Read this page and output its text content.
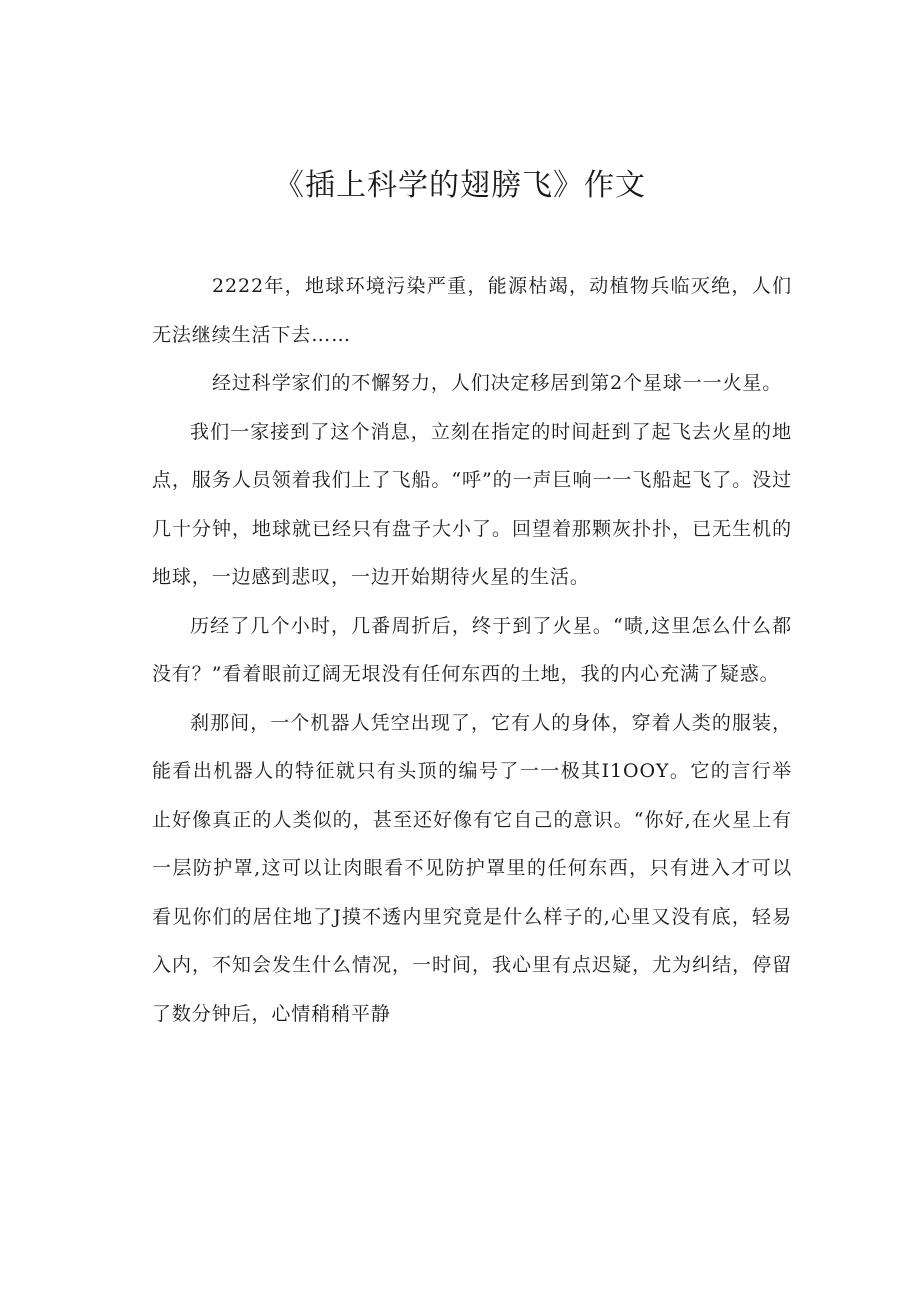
《插上科学的翅膀飞》作文

2222年，地球环境污染严重，能源枯竭，动植物兵临灭绝，人们无法继续生活下去……

经过科学家们的不懈努力，人们决定移居到第2个星球一一火星。

我们一家接到了这个消息，立刻在指定的时间赶到了起飞去火星的地点，服务人员领着我们上了飞船。“呼”的一声巨响一一飞船起飞了。没过几十分钟，地球就已经只有盘子大小了。回望着那颗灰扑扑，已无生机的地球，一边感到悲叹，一边开始期待火星的生活。

历经了几个小时，几番周折后，终于到了火星。“啧,这里怎么什么都没有？”看着眼前辽阔无垠没有任何东西的土地，我的内心充满了疑惑。

刹那间，一个机器人凭空出现了，它有人的身体，穿着人类的服装，能看出机器人的特征就只有头顶的编号了一一极其I1OOY。它的言行举止好像真正的人类似的，甚至还好像有它自己的意识。“你好,在火星上有一层防护罩,这可以让肉眼看不见防护罩里的任何东西，只有进入才可以看见你们的居住地了J摸不透内里究竟是什么样子的,心里又没有底，轻易入内，不知会发生什么情况，一时间，我心里有点迟疑，尤为纠结，停留了数分钟后，心情稍稍平静
